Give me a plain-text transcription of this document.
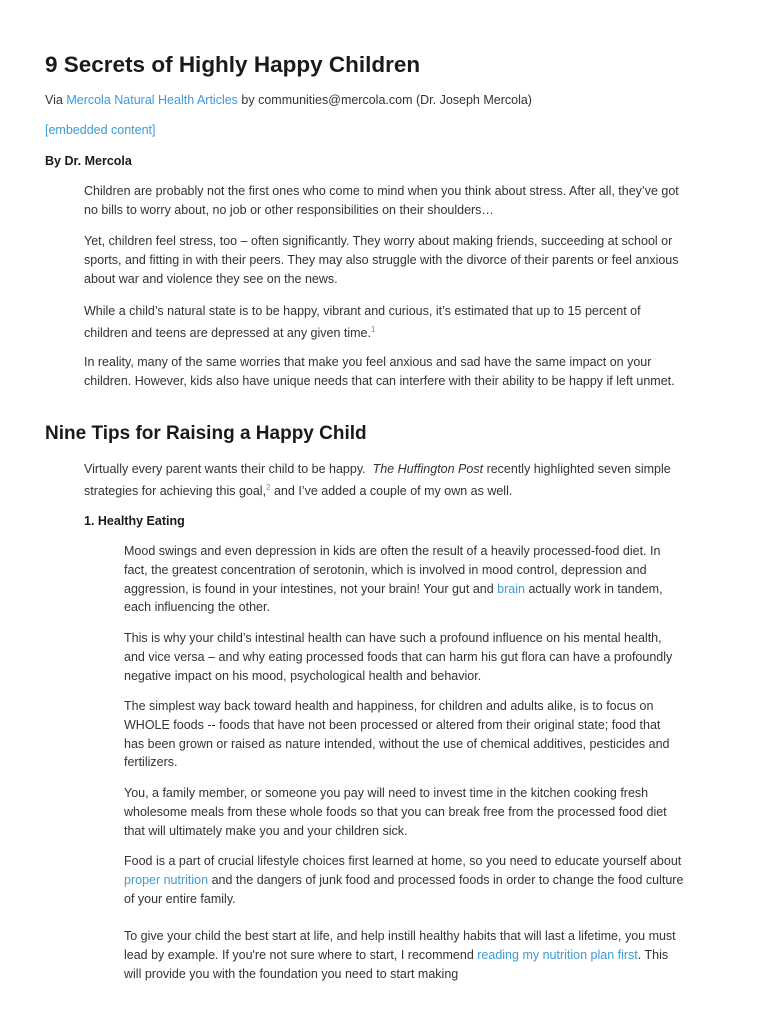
9 Secrets of Highly Happy Children
Via Mercola Natural Health Articles by communities@mercola.com (Dr. Joseph Mercola)
[embedded content]
By Dr. Mercola

Children are probably not the first ones who come to mind when you think about stress. After all, they’ve got no bills to worry about, no job or other responsibilities on their shoulders…

Yet, children feel stress, too – often significantly. They worry about making friends, succeeding at school or sports, and fitting in with their peers. They may also struggle with the divorce of their parents or feel anxious about war and violence they see on the news.

While a child’s natural state is to be happy, vibrant and curious, it’s estimated that up to 15 percent of children and teens are depressed at any given time.$^1$

In reality, many of the same worries that make you feel anxious and sad have the same impact on your children. However, kids also have unique needs that can interfere with their ability to be happy if left unmet.

Nine Tips for Raising a Happy Child

Virtually every parent wants their child to be happy. The Huffington Post recently highlighted seven simple strategies for achieving this goal,$^2$ and I’ve added a couple of my own as well.

1. Healthy Eating

Mood swings and even depression in kids are often the result of a heavily processed-food diet. In fact, the greatest concentration of serotonin, which is involved in mood control, depression and aggression, is found in your intestines, not your brain! Your gut and brain actually work in tandem, each influencing the other.

This is why your child’s intestinal health can have such a profound influence on his mental health, and vice versa – and why eating processed foods that can harm his gut flora can have a profoundly negative impact on his mood, psychological health and behavior.

The simplest way back toward health and happiness, for children and adults alike, is to focus on WHOLE foods -- foods that have not been processed or altered from their original state; food that has been grown or raised as nature intended, without the use of chemical additives, pesticides and fertilizers.

You, a family member, or someone you pay will need to invest time in the kitchen cooking fresh wholesome meals from these whole foods so that you can break free from the processed food diet that will ultimately make you and your children sick.

Food is a part of crucial lifestyle choices first learned at home, so you need to educate yourself about proper nutrition and the dangers of junk food and processed foods in order to change the food culture of your entire family.

To give your child the best start at life, and help instill healthy habits that will last a lifetime, you must lead by example. If you're not sure where to start, I recommend reading my nutrition plan first. This will provide you with the foundation you need to start making
